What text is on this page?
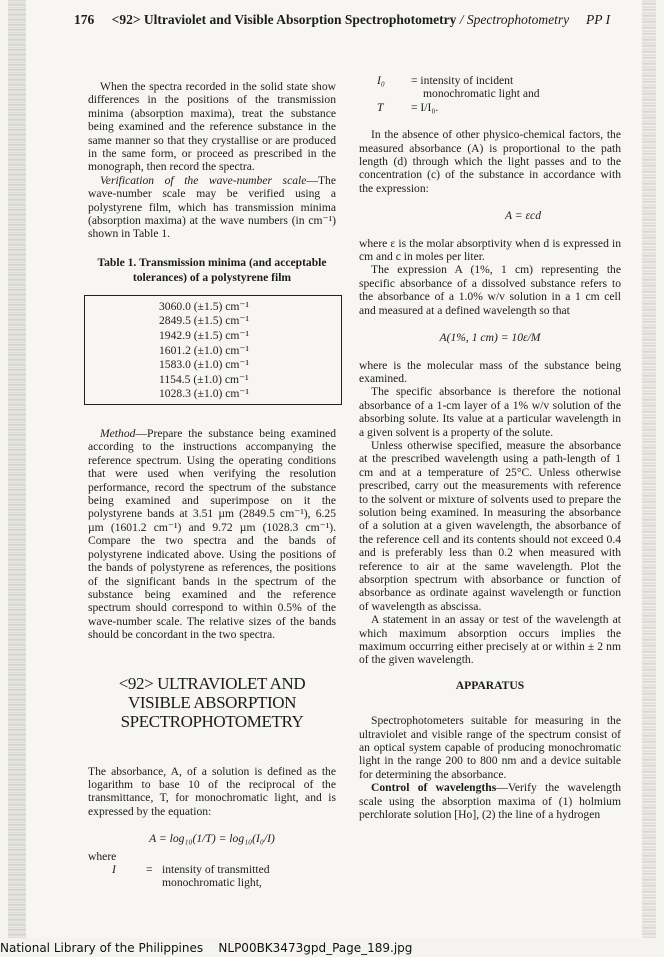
176 <92> Ultraviolet and Visible Absorption Spectrophotometry / Spectrophotometry PP I

When the spectra recorded in the solid state show differences in the positions of the transmission minima (absorption maxima), treat the substance being examined and the reference substance in the same manner so that they crystallise or are produced in the same form, or proceed as prescribed in the monograph, then record the spectra.

Verification of the wave-number scale—The wave-number scale may be verified using a polystyrene film, which has transmission minima (absorption maxima) at the wave numbers (in cm⁻¹) shown in Table 1.

Table 1. Transmission minima (and acceptable
tolerances) of a polystyrene film
3060.0 (±1.5) cm⁻¹
2849.5 (±1.5) cm⁻¹
1942.9 (±1.5) cm⁻¹
1601.2 (±1.0) cm⁻¹
1583.0 (±1.0) cm⁻¹
1154.5 (±1.0) cm⁻¹
1028.3 (±1.0) cm⁻¹

Method—Prepare the substance being examined according to the instructions accompanying the reference spectrum. Using the operating conditions that were used when verifying the resolution performance, record the spectrum of the substance being examined and superimpose on it the polystyrene bands at 3.51 µm (2849.5 cm⁻¹), 6.25 µm (1601.2 cm⁻¹) and 9.72 µm (1028.3 cm⁻¹). Compare the two spectra and the bands of polystyrene indicated above. Using the positions of the bands of polystyrene as references, the positions of the significant bands in the spectrum of the substance being examined and the reference spectrum should correspond to within 0.5% of the wave-number scale. The relative sizes of the bands should be concordant in the two spectra.

<92> ULTRAVIOLET AND
VISIBLE ABSORPTION
SPECTROPHOTOMETRY

The absorbance, A, of a solution is defined as the logarithm to base 10 of the reciprocal of the transmittance, T, for monochromatic light, and is expressed by the equation:

A = log₁₀(1/T) = log₁₀(I₀/I)
where
I	= intensity of transmitted
monochromatic light,
I₀	= intensity of incident
monochromatic light and
T	= I/I₀.

In the absence of other physico-chemical factors, the measured absorbance (A) is proportional to the path length (d) through which the light passes and to the concentration (c) of the substance in accordance with the expression:

A = εcd

where ε is the molar absorptivity when d is expressed in cm and c in moles per liter.

The expression A (1%, 1 cm) representing the specific absorbance of a dissolved substance refers to the absorbance of a 1.0% w/v solution in a 1 cm cell and measured at a defined wavelength so that

A(1%, 1 cm) = 10ε/M

where is the molecular mass of the substance being examined.

The specific absorbance is therefore the notional absorbance of a 1-cm layer of a 1% w/v solution of the absorbing solute. Its value at a particular wavelength in a given solvent is a property of the solute.

Unless otherwise specified, measure the absorbance at the prescribed wavelength using a path-length of 1 cm and at a temperature of 25°C. Unless otherwise prescribed, carry out the measurements with reference to the solvent or mixture of solvents used to prepare the solution being examined. In measuring the absorbance of a solution at a given wavelength, the absorbance of the reference cell and its contents should not exceed 0.4 and is preferably less than 0.2 when measured with reference to air at the same wavelength. Plot the absorption spectrum with absorbance or function of absorbance as ordinate against wavelength or function of wavelength as abscissa.

A statement in an assay or test of the wavelength at which maximum absorption occurs implies the maximum occurring either precisely at or within ± 2 nm of the given wavelength.

APPARATUS

Spectrophotometers suitable for measuring in the ultraviolet and visible range of the spectrum consist of an optical system capable of producing monochromatic light in the range 200 to 800 nm and a device suitable for determining the absorbance.

Control of wavelengths—Verify the wavelength scale using the absorption maxima of (1) holmium perchlorate solution [Ho], (2) the line of a hydrogen

National Library of the Philippines NLP00BK3473gpd_Page_189.jpg
